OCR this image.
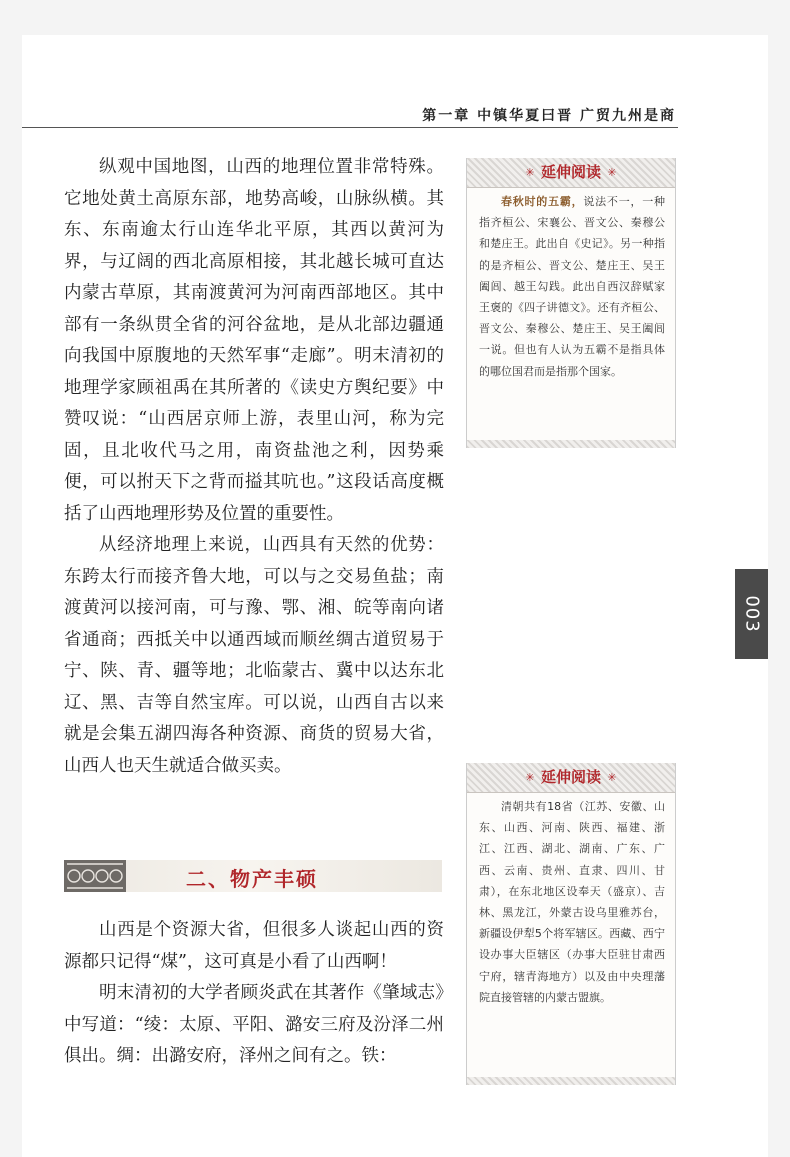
第一章 中镇华夏曰晋 广贸九州是商

纵观中国地图，山西的地理位置非常特殊。它地处黄土高原东部，地势高峻，山脉纵横。其东、东南逾太行山连华北平原，其西以黄河为界，与辽阔的西北高原相接，其北越长城可直达内蒙古草原，其南渡黄河为河南西部地区。其中部有一条纵贯全省的河谷盆地，是从北部边疆通向我国中原腹地的天然军事“走廊”。明末清初的地理学家顾祖禹在其所著的《读史方舆纪要》中赞叹说：“山西居京师上游，表里山河，称为完固，且北收代马之用，南资盐池之利，因势乘便，可以拊天下之背而搤其吭也。”这段话高度概括了山西地理形势及位置的重要性。

从经济地理上来说，山西具有天然的优势：东跨太行而接齐鲁大地，可以与之交易鱼盐；南渡黄河以接河南，可与豫、鄂、湘、皖等南向诸省通商；西抵关中以通西域而顺丝绸古道贸易于宁、陕、青、疆等地；北临蒙古、冀中以达东北辽、黑、吉等自然宝库。可以说，山西自古以来就是会集五湖四海各种资源、商货的贸易大省，山西人也天生就适合做买卖。

二、物产丰硕

山西是个资源大省，但很多人谈起山西的资源都只记得“煤”，这可真是小看了山西啊！

明末清初的大学者顾炎武在其著作《肇域志》中写道：“绫：太原、平阳、潞安三府及汾泽二州俱出。绸：出潞安府，泽州之间有之。铁：

✳ 延伸阅读 ✳

春秋时的五霸，说法不一，一种指齐桓公、宋襄公、晋文公、秦穆公和楚庄王。此出自《史记》。另一种指的是齐桓公、晋文公、楚庄王、吴王阖闾、越王勾践。此出自西汉辞赋家王褒的《四子讲德文》。还有齐桓公、晋文公、秦穆公、楚庄王、吴王阖闾一说。但也有人认为五霸不是指具体的哪位国君而是指那个国家。

✳ 延伸阅读 ✳

清朝共有18省（江苏、安徽、山东、山西、河南、陕西、福建、浙江、江西、湖北、湖南、广东、广西、云南、贵州、直隶、四川、甘肃），在东北地区设奉天（盛京）、吉林、黑龙江，外蒙古设乌里雅苏台，新疆设伊犁5个将军辖区。西藏、西宁设办事大臣辖区（办事大臣驻甘肃西宁府，辖青海地方）以及由中央理藩院直接管辖的内蒙古盟旗。

003
